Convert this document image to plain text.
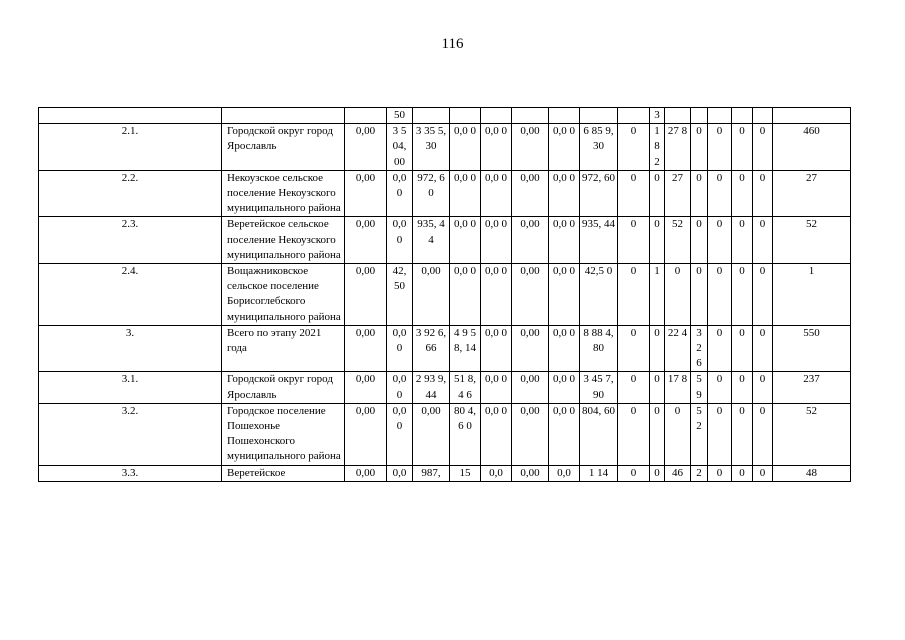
116
			50								3						
2.1.	Городской округ город Ярославль	0,00	3 5 04, 00	3 35 5,30	0,0 0	0,0 0	0,00	0,0 0	6 85 9,30	0	1 8 2	27 8	0	0	0	0	460
2.2.	Некоузское сельское поселение Некоузского муниципального района	0,00	0,0 0	972, 60	0,0 0	0,0 0	0,00	0,0 0	972, 60	0	0	27	0	0	0	0	27
2.3.	Веретейское сельское поселение Некоузского муниципального района	0,00	0,0 0	935, 44	0,0 0	0,0 0	0,00	0,0 0	935, 44	0	0	52	0	0	0	0	52
2.4.	Вощажниковское сельское поселение Борисоглебского муниципального района	0,00	42, 50	0,00	0,0 0	0,0 0	0,00	0,0 0	42,5 0	0	1	0	0	0	0	0	1
3.	Всего по этапу 2021 года	0,00	0,0 0	3 92 6,66	4 9 58, 14	0,0 0	0,00	0,0 0	8 88 4,80	0	0	22 4	3 2 6	0	0	0	550
3.1.	Городской округ город Ярославль	0,00	0,0 0	2 93 9,44	51 8,4 6	0,0 0	0,00	0,0 0	3 45 7,90	0	0	17 8	5 9	0	0	0	237
3.2.	Городское поселение Пошехонье Пошехонского муниципального района	0,00	0,0 0	0,00	80 4,6 0	0,0 0	0,00	0,0 0	804, 60	0	0	0	5 2	0	0	0	52
3.3.	Веретейское	0,00	0,0	987,	15	0,0	0,00	0,0	1 14	0	0	46	2	0	0	0	48
